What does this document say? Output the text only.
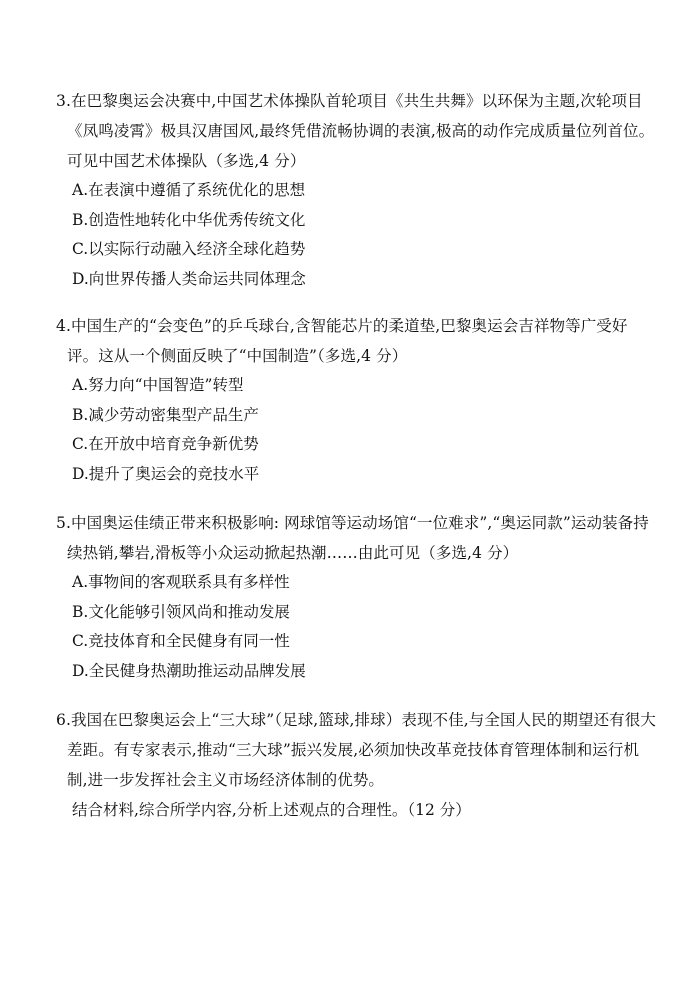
3.在巴黎奥运会决赛中,中国艺术体操队首轮项目《共生共舞》以环保为主题,次轮项目《凤鸣凌霄》极具汉唐国风,最终凭借流畅协调的表演,极高的动作完成质量位列首位。可见中国艺术体操队（多选,4 分）

A.在表演中遵循了系统优化的思想
B.创造性地转化中华优秀传统文化
C.以实际行动融入经济全球化趋势
D.向世界传播人类命运共同体理念

4.中国生产的“会变色”的乒乓球台,含智能芯片的柔道垫,巴黎奥运会吉祥物等广受好评。这从一个侧面反映了“中国制造”（多选,4 分）

A.努力向“中国智造”转型
B.减少劳动密集型产品生产
C.在开放中培育竞争新优势
D.提升了奥运会的竞技水平

5.中国奥运佳绩正带来积极影响: 网球馆等运动场馆“一位难求”,“奥运同款”运动装备持续热销,攀岩,滑板等小众运动掀起热潮……由此可见（多选,4 分）

A.事物间的客观联系具有多样性
B.文化能够引领风尚和推动发展
C.竞技体育和全民健身有同一性
D.全民健身热潮助推运动品牌发展

6.我国在巴黎奥运会上“三大球”（足球,篮球,排球）表现不佳,与全国人民的期望还有很大差距。有专家表示,推动“三大球”振兴发展,必须加快改革竞技体育管理体制和运行机制,进一步发挥社会主义市场经济体制的优势。

结合材料,综合所学内容,分析上述观点的合理性。（12 分）
